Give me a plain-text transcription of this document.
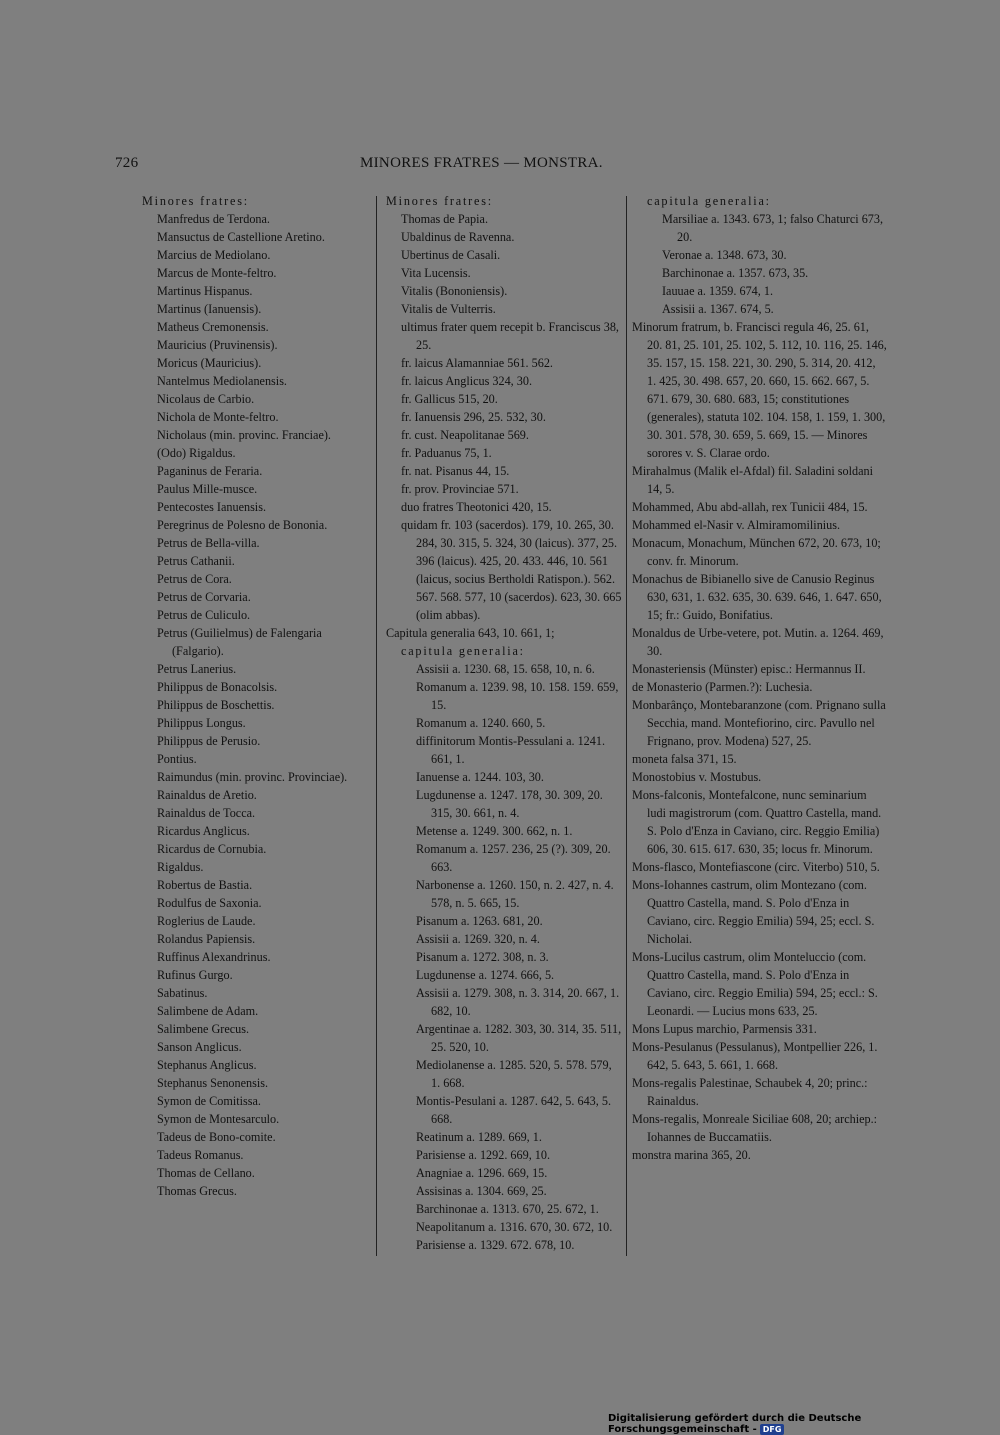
726	MINORES FRATRES — MONSTRA.

Minores fratres:

Manfredus de Terdona.

Mansuctus de Castellione Aretino.

Marcius de Mediolano.

Marcus de Monte-feltro.

Martinus Hispanus.

Martinus (Ianuensis).

Matheus Cremonensis.

Mauricius (Pruvinensis).

Moricus (Mauricius).

Nantelmus Mediolanensis.

Nicolaus de Carbio.

Nichola de Monte-feltro.

Nicholaus (min. provinc. Franciae).

(Odo) Rigaldus.

Paganinus de Feraria.

Paulus Mille-musce.

Pentecostes Ianuensis.

Peregrinus de Polesno de Bononia.

Petrus de Bella-villa.

Petrus Cathanii.

Petrus de Cora.

Petrus de Corvaria.

Petrus de Culiculo.

Petrus (Guilielmus) de Falengaria (Falgario).

Petrus Lanerius.

Philippus de Bonacolsis.

Philippus de Boschettis.

Philippus Longus.

Philippus de Perusio.

Pontius.

Raimundus (min. provinc. Provinciae).

Rainaldus de Aretio.

Rainaldus de Tocca.

Ricardus Anglicus.

Ricardus de Cornubia.

Rigaldus.

Robertus de Bastia.

Rodulfus de Saxonia.

Roglerius de Laude.

Rolandus Papiensis.

Ruffinus Alexandrinus.

Rufinus Gurgo.

Sabatinus.

Salimbene de Adam.

Salimbene Grecus.

Sanson Anglicus.

Stephanus Anglicus.

Stephanus Senonensis.

Symon de Comitissa.

Symon de Montesarculo.

Tadeus de Bono-comite.

Tadeus Romanus.

Thomas de Cellano.

Thomas Grecus.

Minores fratres:

Thomas de Papia.

Ubaldinus de Ravenna.

Ubertinus de Casali.

Vita Lucensis.

Vitalis (Bononiensis).

Vitalis de Vulterris.

ultimus frater quem recepit b. Franciscus 38, 25.

fr. laicus Alamanniae 561. 562.

fr. laicus Anglicus 324, 30.

fr. Gallicus 515, 20.

fr. Ianuensis 296, 25. 532, 30.

fr. cust. Neapolitanae 569.

fr. Paduanus 75, 1.

fr. nat. Pisanus 44, 15.

fr. prov. Provinciae 571.

duo fratres Theotonici 420, 15.

quidam fr. 103 (sacerdos). 179, 10. 265, 30. 284, 30. 315, 5. 324, 30 (laicus). 377, 25. 396 (laicus). 425, 20. 433. 446, 10. 561 (laicus, socius Bertholdi Ratispon.). 562. 567. 568. 577, 10 (sacerdos). 623, 30. 665 (olim abbas).

Capitula generalia 643, 10. 661, 1;

capitula generalia:

Assisii a. 1230. 68, 15. 658, 10, n. 6.

Romanum a. 1239. 98, 10. 158. 159. 659, 15.

Romanum a. 1240. 660, 5.

diffinitorum Montis-Pessulani a. 1241. 661, 1.

Ianuense a. 1244. 103, 30.

Lugdunense a. 1247. 178, 30. 309, 20. 315, 30. 661, n. 4.

Metense a. 1249. 300. 662, n. 1.

Romanum a. 1257. 236, 25 (?). 309, 20. 663.

Narbonense a. 1260. 150, n. 2. 427, n. 4. 578, n. 5. 665, 15.

Pisanum a. 1263. 681, 20.

Assisii a. 1269. 320, n. 4.

Pisanum a. 1272. 308, n. 3.

Lugdunense a. 1274. 666, 5.

Assisii a. 1279. 308, n. 3. 314, 20. 667, 1. 682, 10.

Argentinae a. 1282. 303, 30. 314, 35. 511, 25. 520, 10.

Mediolanense a. 1285. 520, 5. 578. 579, 1. 668.

Montis-Pesulani a. 1287. 642, 5. 643, 5. 668.

Reatinum a. 1289. 669, 1.

Parisiense a. 1292. 669, 10.

Anagniae a. 1296. 669, 15.

Assisinas a. 1304. 669, 25.

Barchinonae a. 1313. 670, 25. 672, 1.

Neapolitanum a. 1316. 670, 30. 672, 10.

Parisiense a. 1329. 672. 678, 10.

capitula generalia:

Marsiliae a. 1343. 673, 1; falso Chaturci 673, 20.

Veronae a. 1348. 673, 30.

Barchinonae a. 1357. 673, 35.

Iauuae a. 1359. 674, 1.

Assisii a. 1367. 674, 5.

Minorum fratrum, b. Francisci regula 46, 25. 61, 20. 81, 25. 101, 25. 102, 5. 112, 10. 116, 25. 146, 35. 157, 15. 158. 221, 30. 290, 5. 314, 20. 412, 1. 425, 30. 498. 657, 20. 660, 15. 662. 667, 5. 671. 679, 30. 680. 683, 15; constitutiones (generales), statuta 102. 104. 158, 1. 159, 1. 300, 30. 301. 578, 30. 659, 5. 669, 15. — Minores sorores v. S. Clarae ordo.

Mirahalmus (Malik el-Afdal) fil. Saladini soldani 14, 5.

Mohammed, Abu abd-allah, rex Tunicii 484, 15.

Mohammed el-Nasir v. Almiramomilinius.

Monacum, Monachum, München 672, 20. 673, 10; conv. fr. Minorum.

Monachus de Bibianello sive de Canusio Reginus 630, 631, 1. 632. 635, 30. 639. 646, 1. 647. 650, 15; fr.: Guido, Bonifatius.

Monaldus de Urbe-vetere, pot. Mutin. a. 1264. 469, 30.

Monasteriensis (Münster) episc.: Hermannus II.

de Monasterio (Parmen.?): Luchesia.

Monbarânço, Montebaranzone (com. Prignano sulla Secchia, mand. Montefiorino, circ. Pavullo nel Frignano, prov. Modena) 527, 25.

moneta falsa 371, 15.

Monostobius v. Mostubus.

Mons-falconis, Montefalcone, nunc seminarium ludi magistrorum (com. Quattro Castella, mand. S. Polo d'Enza in Caviano, circ. Reggio Emilia) 606, 30. 615. 617. 630, 35; locus fr. Minorum.

Mons-flasco, Montefiascone (circ. Viterbo) 510, 5.

Mons-Iohannes castrum, olim Montezano (com. Quattro Castella, mand. S. Polo d'Enza in Caviano, circ. Reggio Emilia) 594, 25; eccl. S. Nicholai.

Mons-Lucilus castrum, olim Monteluccio (com. Quattro Castella, mand. S. Polo d'Enza in Caviano, circ. Reggio Emilia) 594, 25; eccl.: S. Leonardi. — Lucius mons 633, 25.

Mons Lupus marchio, Parmensis 331.

Mons-Pesulanus (Pessulanus), Montpellier 226, 1. 642, 5. 643, 5. 661, 1. 668.

Mons-regalis Palestinae, Schaubek 4, 20; princ.: Rainaldus.

Mons-regalis, Monreale Siciliae 608, 20; archiep.: Iohannes de Buccamatiis.

monstra marina 365, 20.

Digitalisierung gefördert durch die Deutsche Forschungsgemeinschaft - DFG
